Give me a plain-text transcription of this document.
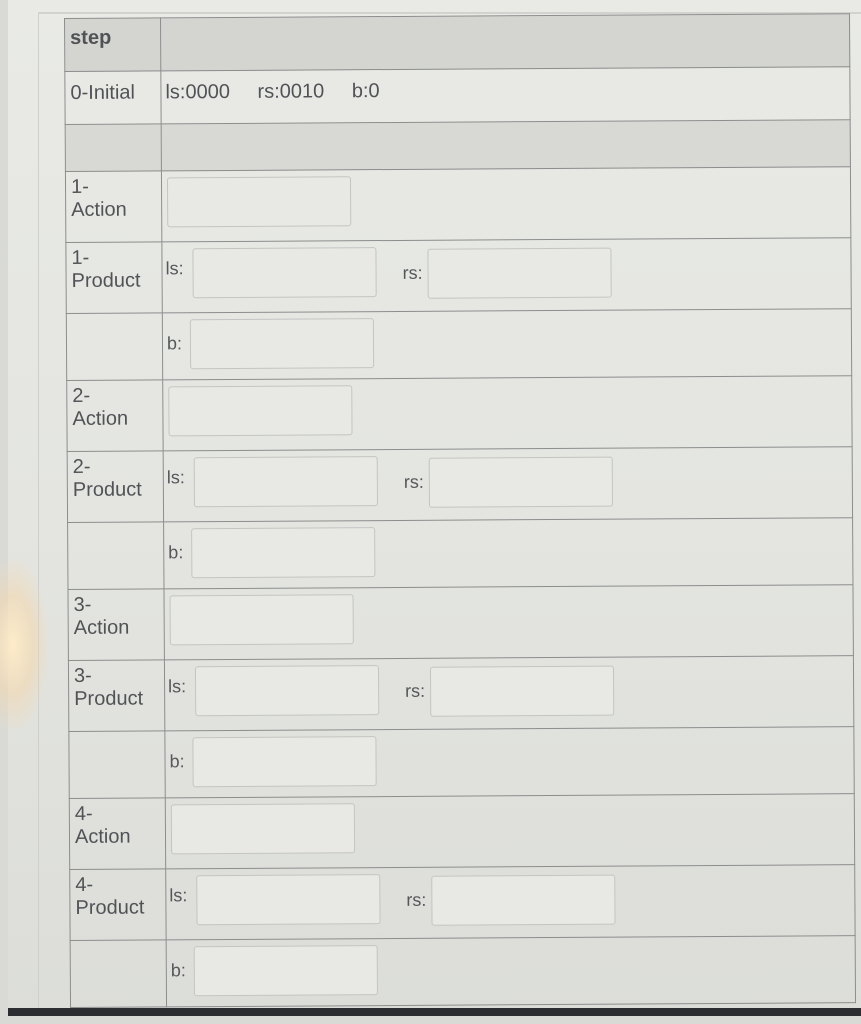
step	
0-Initial	ls:0000 rs:0010 b:0

1-
Action	

1-
Product	ls: rs:

	b:

2-
Action	

2-
Product	ls: rs:

	b:

3-
Action	

3-
Product	ls: rs:

	b:

4-
Action	

4-
Product	ls: rs:

	b:
